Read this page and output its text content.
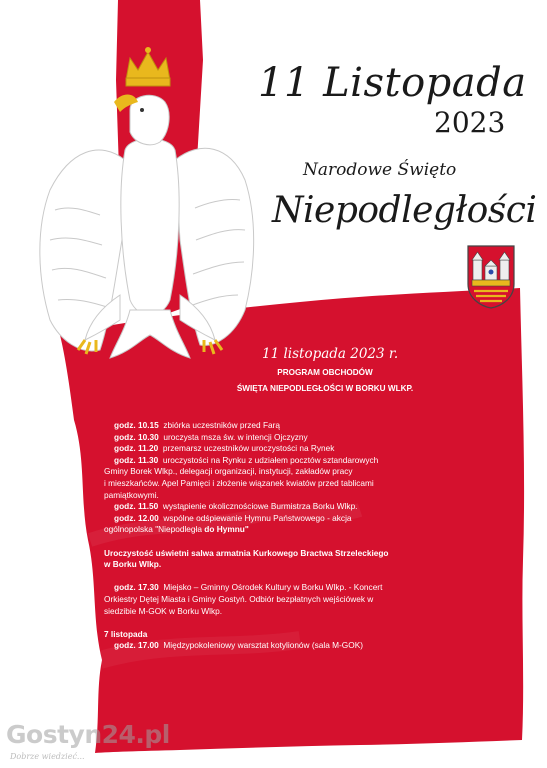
11 Listopada
2023
Narodowe Święto
Niepodległości
11 listopada 2023 r.
PROGRAM OBCHODÓW
ŚWIĘTA NIEPODLEGŁOŚCI W BORKU WLKP.
godz. 10.15 zbiórka uczestników przed Farą
godz. 10.30 uroczysta msza św. w intencji Ojczyzny
godz. 11.20 przemarsz uczestników uroczystości na Rynek
godz. 11.30 uroczystości na Rynku z udziałem pocztów sztandarowych
Gminy Borek Wlkp., delegacji organizacji, instytucji, zakładów pracy
i mieszkańców. Apel Pamięci i złożenie wiązanek kwiatów przed tablicami
pamiątkowymi.
godz. 11.50 wystąpienie okolicznościowe Burmistrza Borku Wlkp.
godz. 12.00 wspólne odśpiewanie Hymnu Państwowego - akcja
ogólnopolska "Niepodległa do Hymnu"
Uroczystość uświetni salwa armatnia Kurkowego Bractwa Strzeleckiego
w Borku Wlkp.
godz. 17.30 Miejsko – Gminny Ośrodek Kultury w Borku Wlkp. - Koncert
Orkiestry Dętej Miasta i Gminy Gostyń. Odbiór bezpłatnych wejściówek w
siedzibie M-GOK w Borku Wlkp.
7 listopada
godz. 17.00 Międzypokoleniowy warsztat kotylionów (sala M-GOK)
Gostyn24.pl
Dobrze wiedzieć...
